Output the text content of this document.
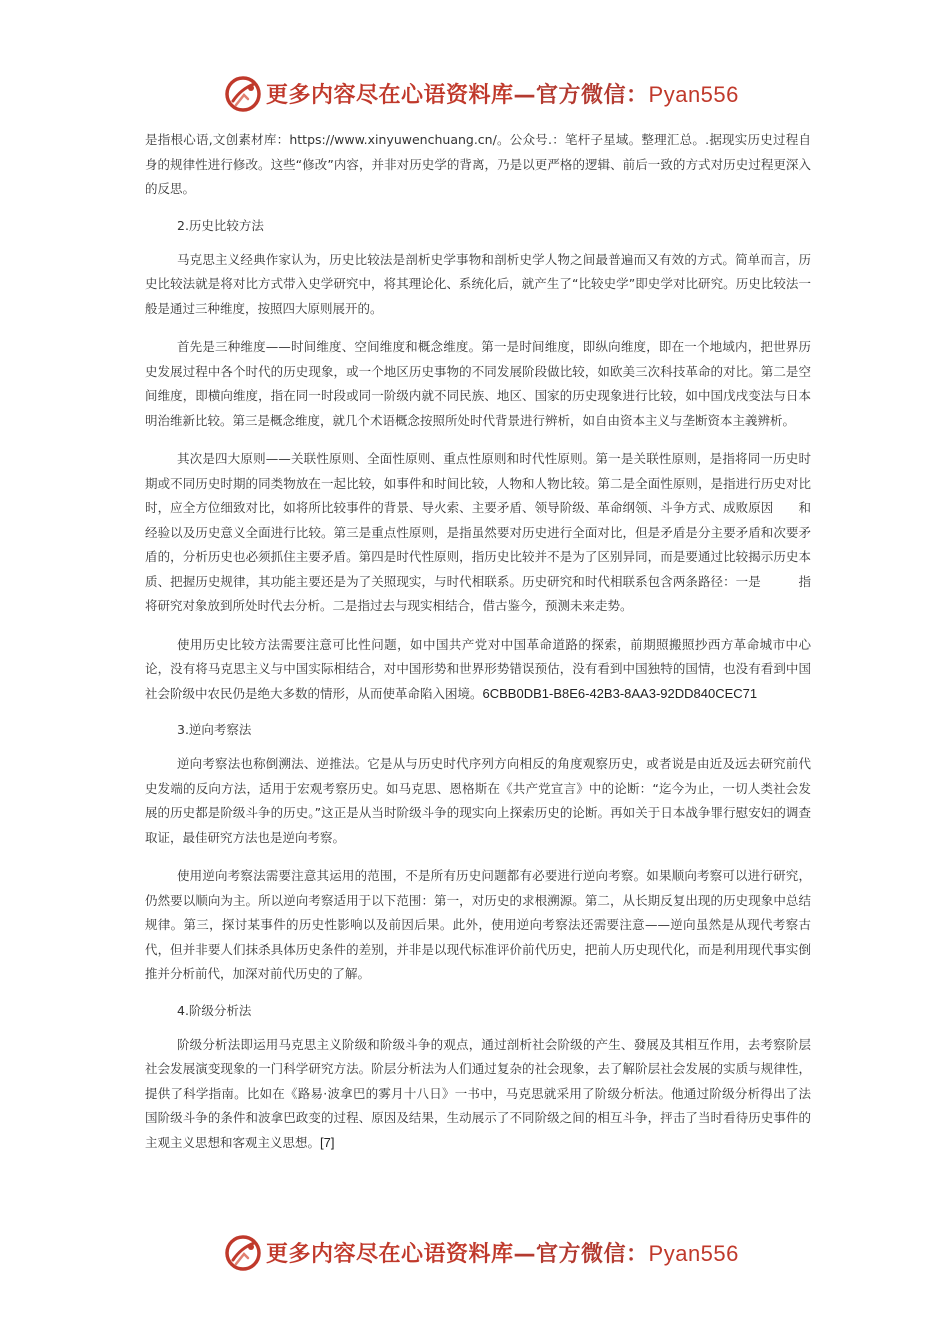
更多内容尽在心语资料库—官方微信：Pyan556

是指根心语,文创素材库：https://www.xinyuwenchuang.cn/。公众号.：笔杆子星域。整理汇总。.据现实历史过程自身的规律性进行修改。这些“修改”内容，并非对历史学的背离，乃是以更严格的逻辑、前后一致的方式对历史过程更深入的反思。

2.历史比较方法

马克思主义经典作家认为，历史比较法是剖析史学事物和剖析史学人物之间最普遍而又有效的方式。简单而言，历史比较法就是将对比方式带入史学研究中，将其理论化、系统化后，就产生了“比较史学”即史学对比研究。历史比较法一般是通过三种维度，按照四大原则展开的。

首先是三种维度——时间维度、空间维度和概念维度。第一是时间维度，即纵向维度，即在一个地域内，把世界历史发展过程中各个时代的历史现象，或一个地区历史事物的不同发展阶段做比较，如欧美三次科技革命的对比。第二是空间维度，即横向维度，指在同一时段或同一阶级内就不同民族、地区、国家的历史现象进行比较，如中国戊戌变法与日本明治维新比较。第三是概念维度，就几个术语概念按照所处时代背景进行辨析，如自由资本主义与垄断资本主義辨析。

其次是四大原则——关联性原则、全面性原则、重点性原则和时代性原则。第一是关联性原则，是指将同一历史时期或不同历史时期的同类物放在一起比较，如事件和时间比较，人物和人物比较。第二是全面性原则，是指进行历史对比时，应全方位细致对比，如将所比较事件的背景、导火索、主要矛盾、领导阶级、革命纲领、斗争方式、成败原因　　和经验以及历史意义全面进行比较。第三是重点性原则，是指虽然要对历史进行全面对比，但是矛盾是分主要矛盾和次要矛盾的，分析历史也必须抓住主要矛盾。第四是时代性原则，指历史比较并不是为了区别异同，而是要通过比较揭示历史本质、把握历史规律，其功能主要还是为了关照现实，与时代相联系。历史研究和时代相联系包含两条路径：一是　　　指将研究对象放到所处时代去分析。二是指过去与现实相结合，借古鉴今，预测未来走势。

使用历史比较方法需要注意可比性问题，如中国共产党对中国革命道路的探索，前期照搬照抄西方革命城市中心论，没有将马克思主义与中国实际相结合，对中国形势和世界形势错误预估，没有看到中国独特的国情，也没有看到中国社会阶级中农民仍是绝大多数的情形，从而使革命陷入困境。6CBB0DB1-B8E6-42B3-8AA3-92DD840CEC71

3.逆向考察法

逆向考察法也称倒溯法、逆推法。它是从与历史时代序列方向相反的角度观察历史，或者说是由近及远去研究前代史发端的反向方法，适用于宏观考察历史。如马克思、恩格斯在《共产党宣言》中的论断：“迄今为止，一切人类社会发展的历史都是阶级斗争的历史。”这正是从当时阶级斗争的现实向上探索历史的论断。再如关于日本战争罪行慰安妇的调查取证，最佳研究方法也是逆向考察。

使用逆向考察法需要注意其运用的范围，不是所有历史问题都有必要进行逆向考察。如果顺向考察可以进行研究，仍然要以顺向为主。所以逆向考察适用于以下范围：第一，对历史的求根溯源。第二，从长期反复出现的历史现象中总结规律。第三，探讨某事件的历史性影响以及前因后果。此外，使用逆向考察法还需要注意——逆向虽然是从现代考察古代，但并非要人们抹杀具体历史条件的差别，并非是以现代标准评价前代历史，把前人历史现代化，而是利用现代事实倒推并分析前代，加深对前代历史的了解。

4.阶级分析法

阶级分析法即运用马克思主义阶级和阶级斗争的观点，通过剖析社会阶级的产生、發展及其相互作用，去考察阶层社会发展演变现象的一门科学研究方法。阶层分析法为人们通过复杂的社会现象，去了解阶层社会发展的实质与规律性，提供了科学指南。比如在《路易·波拿巴的雾月十八日》一书中，马克思就采用了阶级分析法。他通过阶级分析得出了法国阶级斗争的条件和波拿巴政变的过程、原因及结果，生动展示了不同阶级之间的相互斗争，抨击了当时看待历史事件的主观主义思想和客观主义思想。[7]

更多内容尽在心语资料库—官方微信：Pyan556
